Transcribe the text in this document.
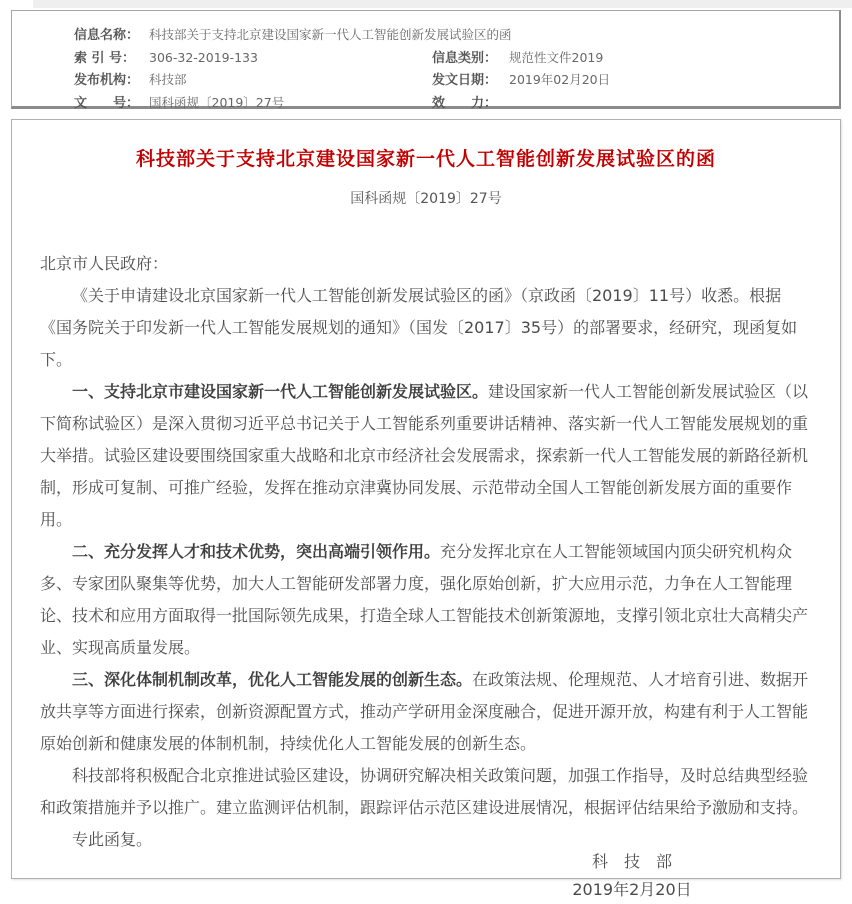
信息名称： 科技部关于支持北京建设国家新一代人工智能创新发展试验区的函
索 引 号：	306-32-2019-133	信息类别： 规范性文件2019
发布机构： 科技部	发文日期： 2019年02月20日
文　　号： 国科函规〔2019〕27号	效　　力：
科技部关于支持北京建设国家新一代人工智能创新发展试验区的函
国科函规〔2019〕27号

北京市人民政府：

《关于申请建设北京国家新一代人工智能创新发展试验区的函》（京政函〔2019〕11号）收悉。根据《国务院关于印发新一代人工智能发展规划的通知》（国发〔2017〕35号）的部署要求，经研究，现函复如下。

一、支持北京市建设国家新一代人工智能创新发展试验区。建设国家新一代人工智能创新发展试验区（以下简称试验区）是深入贯彻习近平总书记关于人工智能系列重要讲话精神、落实新一代人工智能发展规划的重大举措。试验区建设要围绕国家重大战略和北京市经济社会发展需求，探索新一代人工智能发展的新路径新机制，形成可复制、可推广经验，发挥在推动京津冀协同发展、示范带动全国人工智能创新发展方面的重要作用。

二、充分发挥人才和技术优势，突出高端引领作用。充分发挥北京在人工智能领域国内顶尖研究机构众多、专家团队聚集等优势，加大人工智能研发部署力度，强化原始创新，扩大应用示范，力争在人工智能理论、技术和应用方面取得一批国际领先成果，打造全球人工智能技术创新策源地，支撑引领北京壮大高精尖产业、实现高质量发展。

三、深化体制机制改革，优化人工智能发展的创新生态。在政策法规、伦理规范、人才培育引进、数据开放共享等方面进行探索，创新资源配置方式，推动产学研用金深度融合，促进开源开放，构建有利于人工智能原始创新和健康发展的体制机制，持续优化人工智能发展的创新生态。

科技部将积极配合北京推进试验区建设，协调研究解决相关政策问题，加强工作指导，及时总结典型经验和政策措施并予以推广。建立监测评估机制，跟踪评估示范区建设进展情况，根据评估结果给予激励和支持。

专此函复。

科　技　部
2019年2月20日
